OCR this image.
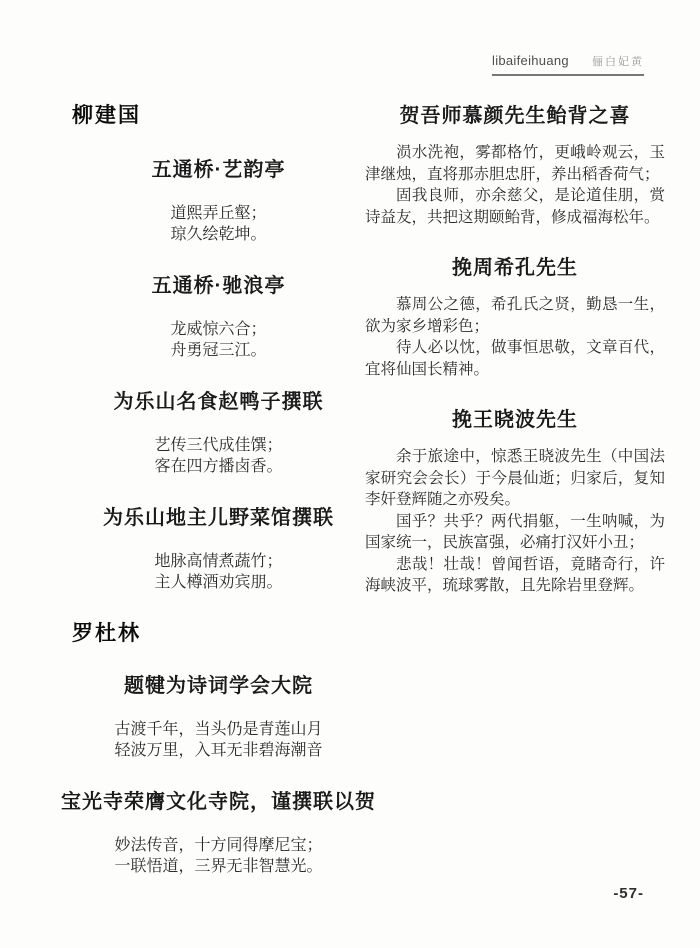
libaifeihuang 俪白妃黄
柳建国
五通桥·艺韵亭
道熙弄丘壑；
琼久绘乾坤。
五通桥·驰浪亭
龙威惊六合；
舟勇冠三江。
为乐山名食赵鸭子撰联
艺传三代成佳馔；
客在四方播卤香。
为乐山地主儿野菜馆撰联
地脉高情煮蔬竹；
主人樽酒劝宾朋。
罗杜林
题犍为诗词学会大院
古渡千年，当头仍是青莲山月
轻波万里，入耳无非碧海潮音
宝光寺荣膺文化寺院，谨撰联以贺
妙法传音，十方同得摩尼宝；
一联悟道，三界无非智慧光。
贺吾师慕颜先生鲐背之喜

涢水洗袍，雾都格竹，更峨岭观云，玉津继烛，直将那赤胆忠肝，养出稻香荷气；

固我良师，亦余慈父，是论道佳朋，赏诗益友，共把这期颐鲐背，修成福海松年。

挽周希孔先生

慕周公之德，希孔氏之贤，勤恳一生，欲为家乡增彩色；

待人必以忱，做事恒思敬，文章百代，宜将仙国长精神。

挽王晓波先生

余于旅途中，惊悉王晓波先生（中国法家研究会会长）于今晨仙逝；归家后，复知李奸登辉随之亦殁矣。

国乎？共乎？两代捐躯，一生呐喊，为国家统一，民族富强，必痛打汉奸小丑；

悲哉！壮哉！曾闻哲语，竟睹奇行，许海峡波平，琉球雾散，且先除岩里登辉。

-57-
